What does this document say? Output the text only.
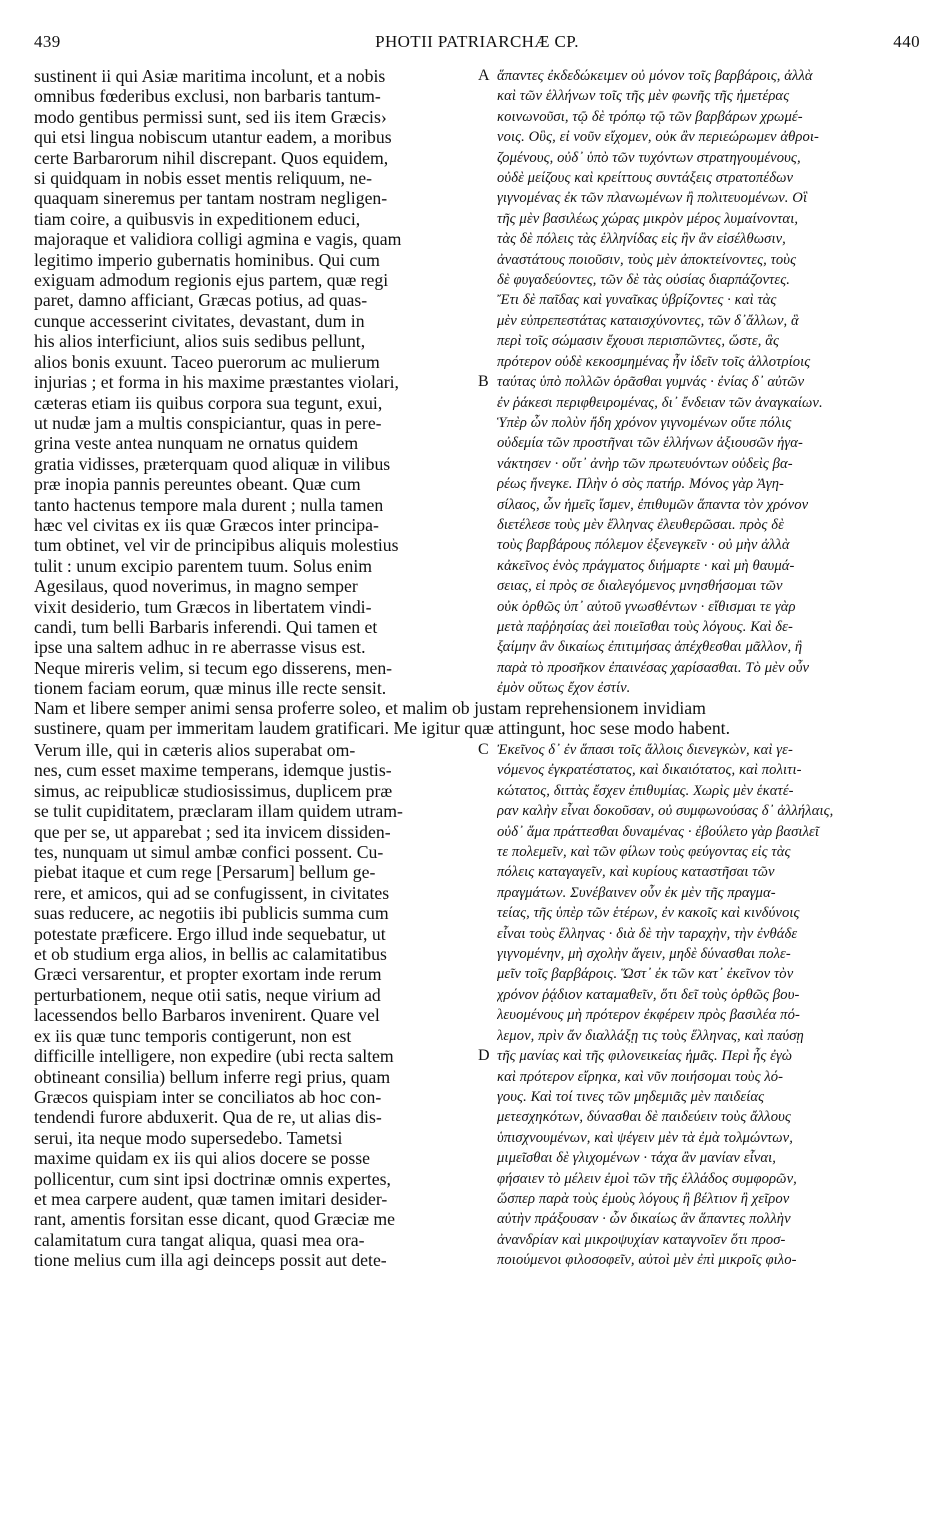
439	PHOTII PATRIARCHÆ CP.	440
sustinent ii qui Asiæ maritima incolunt, et a nobis
omnibus fœderibus exclusi, non barbaris tantum-
modo gentibus permissi sunt, sed iis item Græcis›
qui etsi lingua nobiscum utantur eadem, a moribus
certe Barbarorum nihil discrepant. Quos equidem,
si quidquam in nobis esset mentis reliquum, ne-
quaquam sineremus per tantam nostram negligen-
tiam coire, a quibusvis in expeditionem educi,
majoraque et validiora colligi agmina e vagis, quam
legitimo imperio gubernatis hominibus. Qui cum
exiguam admodum regionis ejus partem, quæ regi
paret, damno afficiant, Græcas potius, ad quas-
cunque accesserint civitates, devastant, dum in
his alios interficiunt, alios suis sedibus pellunt,
alios bonis exuunt. Taceo puerorum ac mulierum
injurias ; et forma in his maxime præstantes violari,
cæteras etiam iis quibus corpora sua tegunt, exui,
ut nudæ jam a multis conspiciantur, quas in pere-
grina veste antea nunquam ne ornatus quidem
gratia vidisses, præterquam quod aliquæ in vilibus
præ inopia pannis pereuntes obeant. Quæ cum
tanto hactenus tempore mala durent ; nulla tamen
hæc vel civitas ex iis quæ Græcos inter principa-
tum obtinet, vel vir de principibus aliquis molestius
tulit : unum excipio parentem tuum. Solus enim
Agesilaus, quod noverimus, in magno semper
vixit desiderio, tum Græcos in libertatem vindi-
candi, tum belli Barbaris inferendi. Qui tamen et
ipse una saltem adhuc in re aberrasse visus est.
Neque mireris velim, si tecum ego disserens, men-
tionem faciam eorum, quæ minus ille recte sensit.
ἅπαντες ἐκδεδώκειμεν οὐ μόνον τοῖς βαρβάροις, ἀλλὰ
καὶ τῶν ἑλλήνων τοῖς τῆς μὲν φωνῆς τῆς ἡμετέρας
κοινωνοῦσι, τῷ δὲ τρόπῳ τῷ τῶν βαρβάρων χρωμέ-
νοις. Οὓς, εἰ νοῦν εἴχομεν, οὐκ ἂν περιεώρωμεν ἀθροι-
ζομένους, οὐδ᾽ ὑπὸ τῶν τυχόντων στρατηγουμένους,
οὐδὲ μείζους καὶ κρείττους συντάξεις στρατοπέδων
γιγνομένας ἐκ τῶν πλανωμένων ἢ πολιτευομένων. Οἳ
τῆς μὲν βασιλέως χώρας μικρὸν μέρος λυμαίνονται,
τὰς δὲ πόλεις τὰς ἑλληνίδας εἰς ἣν ἂν εἰσέλθωσιν,
ἀναστάτους ποιοῦσιν, τοὺς μὲν ἀποκτείνοντες, τοὺς
δὲ φυγαδεύοντες, τῶν δὲ τὰς οὐσίας διαρπάζοντες.
Ἔτι δὲ παῖδας καὶ γυναῖκας ὑβρίζοντες · καὶ τὰς
μὲν εὐπρεπεστάτας καταισχύνοντες, τῶν δ᾽ἄλλων, ἃ
περὶ τοῖς σώμασιν ἔχουσι περισπῶντες, ὥστε, ἃς
πρότερον οὐδὲ κεκοσμημένας ἦν ἰδεῖν τοῖς ἀλλοτρίοις
ταύτας ὑπὸ πολλῶν ὁρᾶσθαι γυμνάς · ἐνίας δ᾽ αὐτῶν
ἐν ῥάκεσι περιφθειρομένας, δι᾽ ἔνδειαν τῶν ἀναγκαίων.
Ὑπὲρ ὧν πολὺν ἤδη χρόνον γιγνομένων οὔτε πόλις
οὐδεμία τῶν προστῆναι τῶν ἑλλήνων ἀξιουσῶν ἠγα-
νάκτησεν · οὔτ᾽ ἀνὴρ τῶν πρωτευόντων οὐδεὶς βα-
ρέως ἤνεγκε. Πλὴν ὁ σὸς πατήρ. Μόνος γὰρ Ἀγη-
σίλαος, ὧν ἡμεῖς ἴσμεν, ἐπιθυμῶν ἅπαντα τὸν χρόνον
διετέλεσε τοὺς μὲν ἕλληνας ἐλευθερῶσαι. πρὸς δὲ
τοὺς βαρβάρους πόλεμον ἐξενεγκεῖν · οὐ μὴν ἀλλὰ
κἀκεῖνος ἑνὸς πράγματος διήμαρτε · καὶ μὴ θαυμά-
σειας, εἰ πρὸς σε διαλεγόμενος μνησθήσομαι τῶν
οὐκ ὀρθῶς ὑπ᾽ αὐτοῦ γνωσθέντων · εἴθισμαι τε γὰρ
μετὰ παῤῥησίας ἀεὶ ποιεῖσθαι τοὺς λόγους. Καὶ δε-
ξαίμην ἂν δικαίως ἐπιτιμήσας ἀπέχθεσθαι μᾶλλον, ἢ
παρὰ τὸ προσῆκον ἐπαινέσας χαρίσασθαι. Τὸ μὲν οὖν
ἐμὸν οὕτως ἔχον ἐστίν.
Nam et libere semper animi sensa proferre soleo, et malim ob justam reprehensionem invidiam
sustinere, quam per immeritam laudem gratificari. Me igitur quæ attingunt, hoc sese modo habent.
Verum ille, qui in cæteris alios superabat om-
nes, cum esset maxime temperans, idemque justis-
simus, ac reipublicæ studiosissimus, duplicem præ
se tulit cupiditatem, præclaram illam quidem utram-
que per se, ut apparebat ; sed ita invicem dissiden-
tes, nunquam ut simul ambæ confici possent. Cu-
piebat itaque et cum rege [Persarum] bellum ge-
rere, et amicos, qui ad se confugissent, in civitates
suas reducere, ac negotiis ibi publicis summa cum
potestate præficere. Ergo illud inde sequebatur, ut
et ob studium erga alios, in bellis ac calamitatibus
Græci versarentur, et propter exortam inde rerum
perturbationem, neque otii satis, neque virium ad
lacessendos bello Barbaros invenirent. Quare vel
ex iis quæ tunc temporis contigerunt, non est
difficille intelligere, non expedire (ubi recta saltem
obtineant consilia) bellum inferre regi prius, quam
Græcos quispiam inter se conciliatos ab hoc con-
tendendi furore abduxerit. Qua de re, ut alias dis-
serui, ita neque modo supersedebo. Tametsi
maxime quidam ex iis qui alios docere se posse
pollicentur, cum sint ipsi doctrinæ omnis expertes,
et mea carpere audent, quæ tamen imitari desider-
rant, amentis forsitan esse dicant, quod Græciæ me
calamitatum cura tangat aliqua, quasi mea ora-
tione melius cum illa agi deinceps possit aut dete-
Ἐκεῖνος δ᾽ ἐν ἅπασι τοῖς ἄλλοις διενεγκὼν, καὶ γε-
νόμενος ἐγκρατέστατος, καὶ δικαιότατος, καὶ πολιτι-
κώτατος, διττὰς ἔσχεν ἐπιθυμίας. Χωρὶς μὲν ἑκατέ-
ραν καλὴν εἶναι δοκοῦσαν, οὐ συμφωνούσας δ᾽ ἀλλήλαις,
οὐδ᾽ ἅμα πράττεσθαι δυναμένας · ἐβούλετο γὰρ βασιλεῖ
τε πολεμεῖν, καὶ τῶν φίλων τοὺς φεύγοντας εἰς τὰς
πόλεις καταγαγεῖν, καὶ κυρίους καταστῆσαι τῶν
πραγμάτων. Συνέβαινεν οὖν ἐκ μὲν τῆς πραγμα-
τείας, τῆς ὑπὲρ τῶν ἑτέρων, ἐν κακοῖς καὶ κινδύνοις
εἶναι τοὺς ἕλληνας · διὰ δὲ τὴν ταραχὴν, τὴν ἐνθάδε
γιγνομένην, μὴ σχολὴν ἄγειν, μηδὲ δύνασθαι πολε-
μεῖν τοῖς βαρβάροις. Ὥστ᾽ ἐκ τῶν κατ᾽ ἐκεῖνον τὸν
χρόνον ῥᾴδιον καταμαθεῖν, ὅτι δεῖ τοὺς ὀρθῶς βου-
λευομένους μὴ πρότερον ἐκφέρειν πρὸς βασιλέα πό-
λεμον, πρὶν ἄν διαλλάξῃ τις τοὺς ἕλληνας, καὶ παύσῃ
τῆς μανίας καὶ τῆς φιλονεικείας ἡμᾶς. Περὶ ἧς ἐγὼ
καὶ πρότερον εἴρηκα, καὶ νῦν ποιήσομαι τοὺς λό-
γους. Καὶ τοί τινες τῶν μηδεμιᾶς μὲν παιδείας
μετεσχηκότων, δύνασθαι δὲ παιδεύειν τοὺς ἄλλους
ὑπισχνουμένων, καὶ ψέγειν μὲν τὰ ἐμὰ τολμώντων,
μιμεῖσθαι δὲ γλιχομένων · τάχα ἂν μανίαν εἶναι,
φήσαιεν τὸ μέλειν ἐμοὶ τῶν τῆς ἑλλάδος συμφορῶν,
ὥσπερ παρὰ τοὺς ἐμοὺς λόγους ἢ βέλτιον ἢ χεῖρον
αὐτὴν πράξουσαν · ὧν δικαίως ἂν ἅπαντες πολλὴν
ἀνανδρίαν καὶ μικροψυχίαν καταγνοῖεν ὅτι προσ-
ποιούμενοι φιλοσοφεῖν, αὐτοὶ μὲν ἐπὶ μικροῖς φιλο-
A
B
C
D
